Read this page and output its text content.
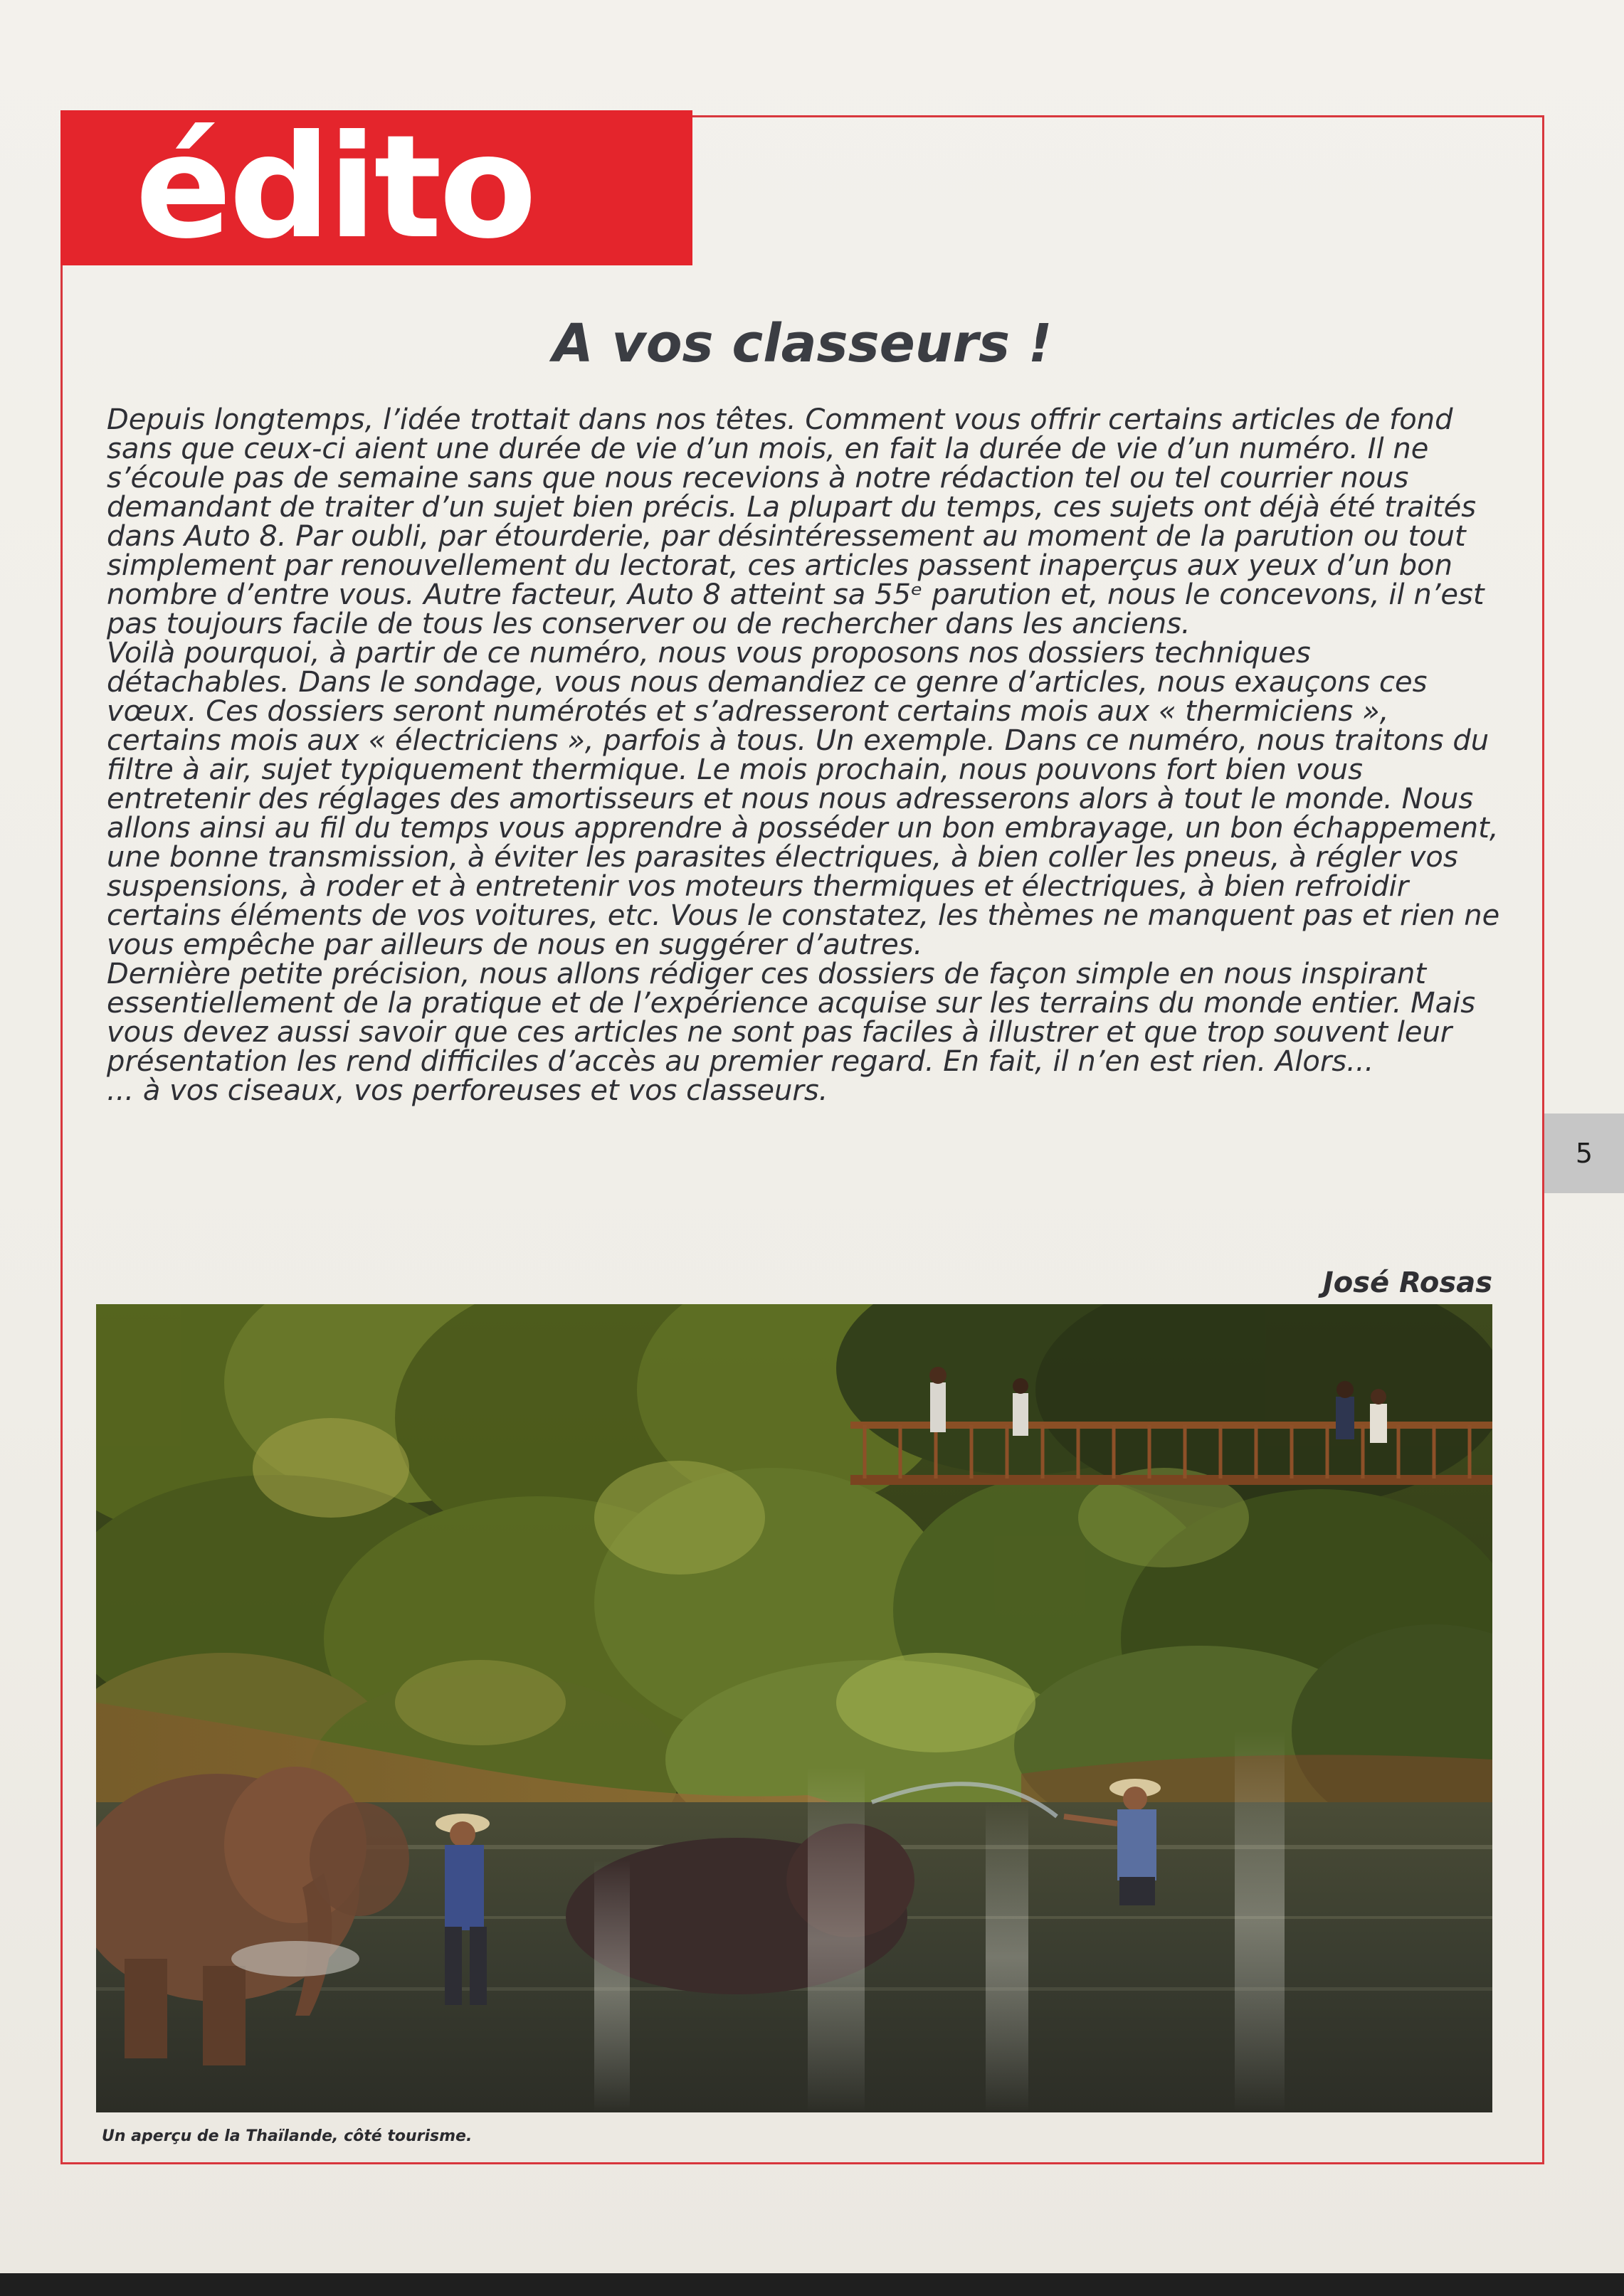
édito
A vos classeurs !

Depuis longtemps, l’idée trottait dans nos têtes. Comment vous offrir certains articles de fond sans que ceux-ci aient une durée de vie d’un mois, en fait la durée de vie d’un numéro. Il ne s’écoule pas de semaine sans que nous recevions à notre rédaction tel ou tel courrier nous demandant de traiter d’un sujet bien précis. La plupart du temps, ces sujets ont déjà été traités dans Auto 8. Par oubli, par étourderie, par désintéressement au moment de la parution ou tout simplement par renouvellement du lectorat, ces articles passent inaperçus aux yeux d’un bon nombre d’entre vous. Autre facteur, Auto 8 atteint sa 55ᵉ parution et, nous le concevons, il n’est pas toujours facile de tous les conserver ou de rechercher dans les anciens.

Voilà pourquoi, à partir de ce numéro, nous vous proposons nos dossiers techniques détachables. Dans le sondage, vous nous demandiez ce genre d’articles, nous exauçons ces vœux. Ces dossiers seront numérotés et s’adresseront certains mois aux « thermiciens », certains mois aux « électriciens », parfois à tous. Un exemple. Dans ce numéro, nous traitons du filtre à air, sujet typiquement thermique. Le mois prochain, nous pouvons fort bien vous entretenir des réglages des amortisseurs et nous nous adresserons alors à tout le monde. Nous allons ainsi au fil du temps vous apprendre à posséder un bon embrayage, un bon échappement, une bonne transmission, à éviter les parasites électriques, à bien coller les pneus, à régler vos suspensions, à roder et à entretenir vos moteurs thermiques et électriques, à bien refroidir certains éléments de vos voitures, etc. Vous le constatez, les thèmes ne manquent pas et rien ne vous empêche par ailleurs de nous en suggérer d’autres.

Dernière petite précision, nous allons rédiger ces dossiers de façon simple en nous inspirant essentiellement de la pratique et de l’expérience acquise sur les terrains du monde entier. Mais vous devez aussi savoir que ces articles ne sont pas faciles à illustrer et que trop souvent leur présentation les rend difficiles d’accès au premier regard. En fait, il n’en est rien. Alors...

... à vos ciseaux, vos perforeuses et vos classeurs.

José Rosas
Un aperçu de la Thaïlande, côté tourisme.
5
